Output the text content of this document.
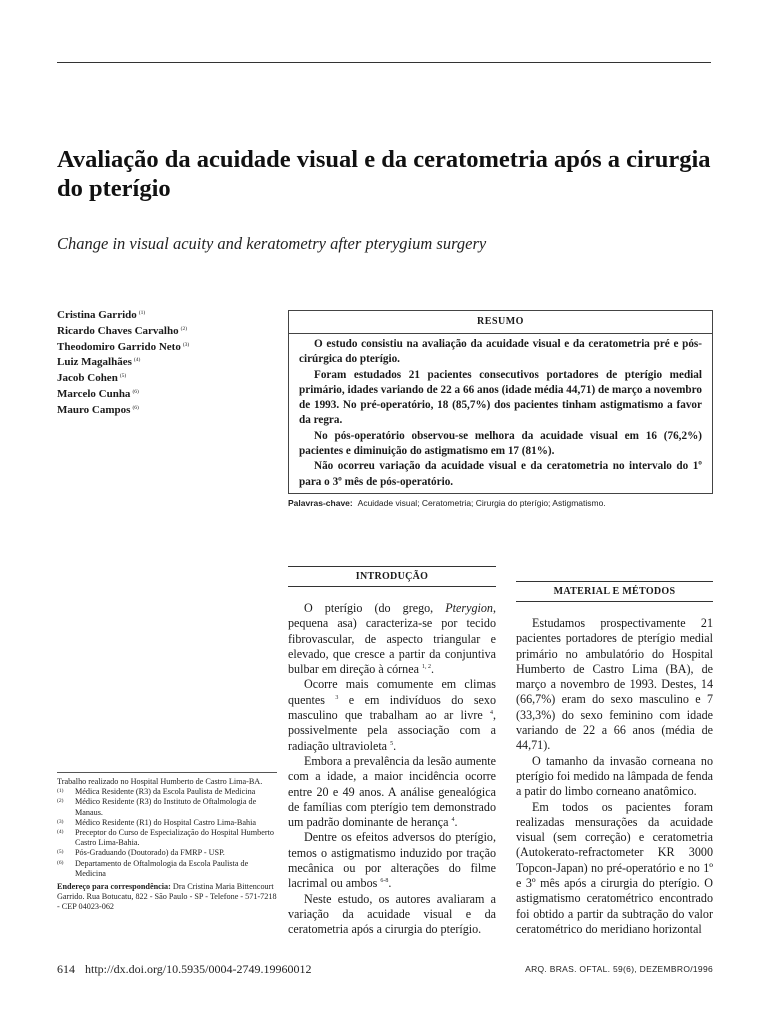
Avaliação da acuidade visual e da ceratometria após a cirurgia do pterígio
Change in visual acuity and keratometry after pterygium surgery
Cristina Garrido $^{(1)}$
Ricardo Chaves Carvalho $^{(2)}$
Theodomiro Garrido Neto $^{(3)}$
Luiz Magalhães $^{(4)}$
Jacob Cohen $^{(5)}$
Marcelo Cunha $^{(6)}$
Mauro Campos $^{(6)}$
RESUMO

O estudo consistiu na avaliação da acuidade visual e da ceratometria pré e pós-cirúrgica do pterígio.

Foram estudados 21 pacientes consecutivos portadores de pterígio medial primário, idades variando de 22 a 66 anos (idade média 44,71) de março a novembro de 1993. No pré-operatório, 18 (85,7%) dos pacientes tinham astigmatismo a favor da regra.

No pós-operatório observou-se melhora da acuidade visual em 16 (76,2%) pacientes e diminuição do astigmatismo em 17 (81%).

Não ocorreu variação da acuidade visual e da ceratometria no intervalo do 1º para o 3º mês de pós-operatório.

Palavras-chave: Acuidade visual; Ceratometria; Cirurgia do pterígio; Astigmatismo.
INTRODUÇÃO

O pterígio (do grego, Pterygion, pequena asa) caracteriza-se por tecido fibrovascular, de aspecto triangular e elevado, que cresce a partir da conjuntiva bulbar em direção à córnea $^{1, 2}$.

Ocorre mais comumente em climas quentes $^3$ e em indivíduos do sexo masculino que trabalham ao ar livre $^4$, possivelmente pela associação com a radiação ultravioleta $^5$.

Embora a prevalência da lesão aumente com a idade, a maior incidência ocorre entre 20 e 49 anos. A análise genealógica de famílias com pterígio tem demonstrado um padrão dominante de herança $^4$.

Dentre os efeitos adversos do pterígio, temos o astigmatismo induzido por tração mecânica ou por alterações do filme lacrimal ou ambos $^{6-8}$.

Neste estudo, os autores avaliaram a variação da acuidade visual e da ceratometria após a cirurgia do pterígio.

MATERIAL E MÉTODOS

Estudamos prospectivamente 21 pacientes portadores de pterígio medial primário no ambulatório do Hospital Humberto de Castro Lima (BA), de março a novembro de 1993. Destes, 14 (66,7%) eram do sexo masculino e 7 (33,3%) do sexo feminino com idade variando de 22 a 66 anos (média de 44,71).

O tamanho da invasão corneana no pterígio foi medido na lâmpada de fenda a patir do limbo corneano anatômico.

Em todos os pacientes foram realizadas mensurações da acuidade visual (sem correção) e ceratometria (Autokerato-refractometer KR 3000 Topcon-Japan) no pré-operatório e no 1º e 3º mês após a cirurgia do pterígio. O astigmatismo ceratométrico encontrado foi obtido a partir da subtração do valor ceratométrico do meridiano horizontal

Trabalho realizado no Hospital Humberto de Castro Lima-BA.

(1)	Médica Residente (R3) da Escola Paulista de Medicina
(2)	Médico Residente (R3) do Instituto de Oftalmologia de Manaus.
(3)	Médico Residente (R1) do Hospital Castro Lima-Bahia
(4)	Preceptor do Curso de Especialização do Hospital Humberto Castro Lima-Bahia.
(5)	Pós-Graduando (Doutorado) da FMRP - USP.
(6)	Departamento de Oftalmologia da Escola Paulista de Medicina

Endereço para correspondência: Dra Cristina Maria Bittencourt Garrido. Rua Botucatu, 822 - São Paulo - SP - Telefone - 571-7218 - CEP 04023-062

614 http://dx.doi.org/10.5935/0004-2749.19960012	ARQ. BRAS. OFTAL. 59(6), DEZEMBRO/1996
